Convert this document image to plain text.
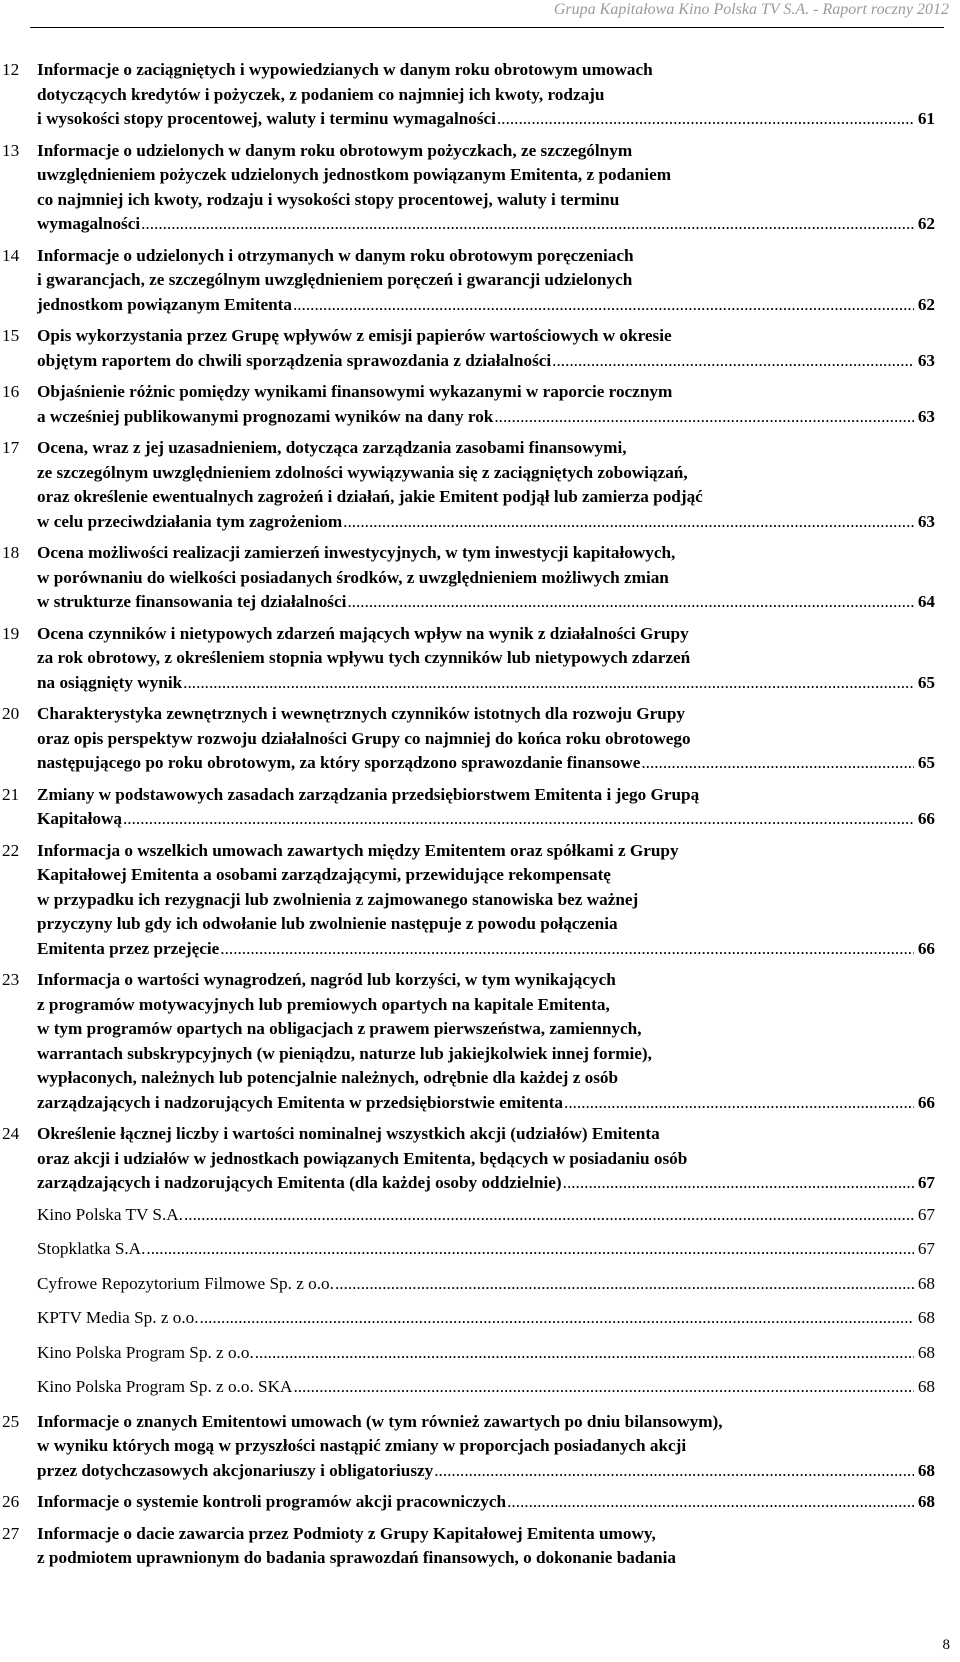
Grupa Kapitałowa Kino Polska TV S.A. - Raport roczny 2012
12 Informacje o zaciągniętych i wypowiedzianych w danym roku obrotowym umowach
dotyczących kredytów i pożyczek, z podaniem co najmniej ich kwoty, rodzaju
i wysokości stopy procentowej, waluty i terminu wymagalności .....	61
13 Informacje o udzielonych w danym roku obrotowym pożyczkach, ze szczególnym
uwzględnieniem pożyczek udzielonych jednostkom powiązanym Emitenta, z podaniem
co najmniej ich kwoty, rodzaju i wysokości stopy procentowej, waluty i terminu
wymagalności .....	62
14 Informacje o udzielonych i otrzymanych w danym roku obrotowym poręczeniach
i gwarancjach, ze szczególnym uwzględnieniem poręczeń i gwarancji udzielonych
jednostkom powiązanym Emitenta .....	62
15 Opis wykorzystania przez Grupę wpływów z emisji papierów wartościowych w okresie
objętym raportem do chwili sporządzenia sprawozdania z działalności .....	63
16 Objaśnienie różnic pomiędzy wynikami finansowymi wykazanymi w raporcie rocznym
a wcześniej publikowanymi prognozami wyników na dany rok .....	63
17 Ocena, wraz z jej uzasadnieniem, dotycząca zarządzania zasobami finansowymi,
ze szczególnym uwzględnieniem zdolności wywiązywania się z zaciągniętych zobowiązań,
oraz określenie ewentualnych zagrożeń i działań, jakie Emitent podjął lub zamierza podjąć
w celu przeciwdziałania tym zagrożeniom .....	63
18 Ocena możliwości realizacji zamierzeń inwestycyjnych, w tym inwestycji kapitałowych,
w porównaniu do wielkości posiadanych środków, z uwzględnieniem możliwych zmian
w strukturze finansowania tej działalności .....	64
19 Ocena czynników i nietypowych zdarzeń mających wpływ na wynik z działalności Grupy
za rok obrotowy, z określeniem stopnia wpływu tych czynników lub nietypowych zdarzeń
na osiągnięty wynik .....	65
20 Charakterystyka zewnętrznych i wewnętrznych czynników istotnych dla rozwoju Grupy
oraz opis perspektyw rozwoju działalności Grupy co najmniej do końca roku obrotowego
następującego po roku obrotowym, za który sporządzono sprawozdanie finansowe .....	65
21 Zmiany w podstawowych zasadach zarządzania przedsiębiorstwem Emitenta i jego Grupą
Kapitałową .....	66
22 Informacja o wszelkich umowach zawartych między Emitentem oraz spółkami z Grupy
Kapitałowej Emitenta a osobami zarządzającymi, przewidujące rekompensatę
w przypadku ich rezygnacji lub zwolnienia z zajmowanego stanowiska bez ważnej
przyczyny lub gdy ich odwołanie lub zwolnienie następuje z powodu połączenia
Emitenta przez przejęcie .....	66
23 Informacja o wartości wynagrodzeń, nagród lub korzyści, w tym wynikających
z programów motywacyjnych lub premiowych opartych na kapitale Emitenta,
w tym programów opartych na obligacjach z prawem pierwszeństwa, zamiennych,
warrantach subskrypcyjnych (w pieniądzu, naturze lub jakiejkolwiek innej formie),
wypłaconych, należnych lub potencjalnie należnych, odrębnie dla każdej z osób
zarządzających i nadzorujących Emitenta w przedsiębiorstwie emitenta .....	66
24 Określenie łącznej liczby i wartości nominalnej wszystkich akcji (udziałów) Emitenta
oraz akcji i udziałów w jednostkach powiązanych Emitenta, będących w posiadaniu osób
zarządzających i nadzorujących Emitenta (dla każdej osoby oddzielnie) .....	67
Kino Polska TV S.A. .....	67
Stopklatka S.A. .....	67
Cyfrowe Repozytorium Filmowe Sp. z o.o. .....	68
KPTV Media Sp. z o.o. .....	68
Kino Polska Program Sp. z o.o. .....	68
Kino Polska Program Sp. z o.o. SKA .....	68
25 Informacje o znanych Emitentowi umowach (w tym również zawartych po dniu bilansowym),
w wyniku których mogą w przyszłości nastąpić zmiany w proporcjach posiadanych akcji
przez dotychczasowych akcjonariuszy i obligatoriuszy .....	68
26 Informacje o systemie kontroli programów akcji pracowniczych .....	68
27 Informacje o dacie zawarcia przez Podmioty z Grupy Kapitałowej Emitenta umowy,
z podmiotem uprawnionym do badania sprawozdań finansowych, o dokonanie badania
8
